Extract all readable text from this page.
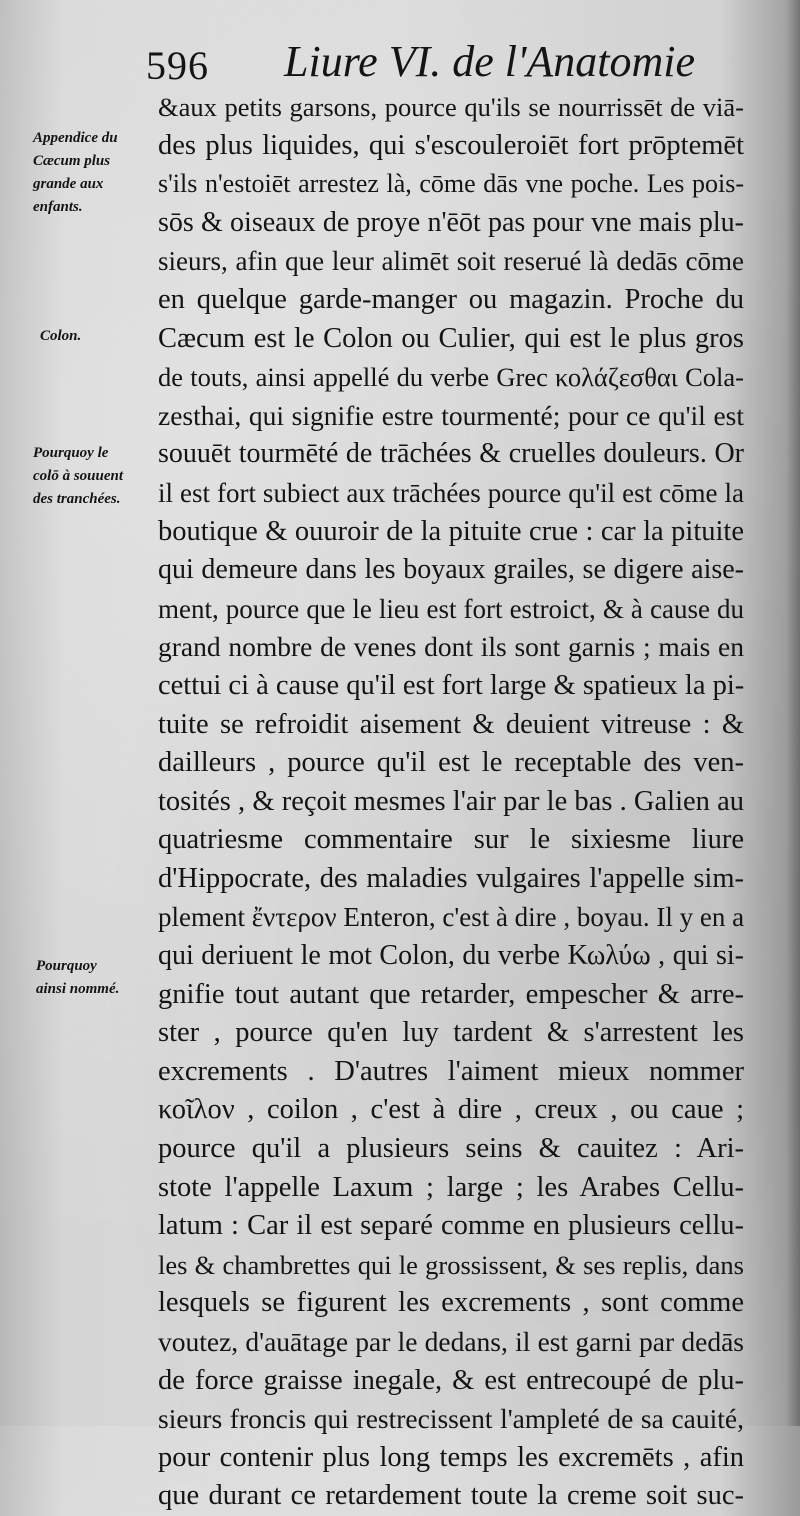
596 Liure VI. de l'Anatomie
Appendice du
Cæcum plus
grande aux
enfants.
Colon.
Pourquoy le
colō à souuent
des tranchées.
Pourquoy
ainsi nommé.
&aux petits garsons, pource qu'ils se nourrissēt de viā-
des plus liquides, qui s'escouleroiēt fort prōptemēt
s'ils n'estoiēt arrestez là, cōme dās vne poche. Les pois-
sōs & oiseaux de proye n'ēōt pas pour vne mais plu-
sieurs, afin que leur alimēt soit reserué là dedās cōme
en quelque garde-manger ou magazin. Proche du
Cæcum est le Colon ou Culier, qui est le plus gros
de touts, ainsi appellé du verbe Grec κολάζεσθαι Cola-
zesthai, qui signifie estre tourmenté; pour ce qu'il est
souuēt tourmēté de trāchées & cruelles douleurs. Or
il est fort subiect aux trāchées pource qu'il est cōme la
boutique & ouuroir de la pituite crue : car la pituite
qui demeure dans les boyaux grailes, se digere aise-
ment, pource que le lieu est fort estroict, & à cause du
grand nombre de venes dont ils sont garnis ; mais en
cettui ci à cause qu'il est fort large & spatieux la pi-
tuite se refroidit aisement & deuient vitreuse : &
dailleurs , pource qu'il est le receptable des ven-
tosités , & reçoit mesmes l'air par le bas . Galien au
quatriesme commentaire sur le sixiesme liure
d'Hippocrate, des maladies vulgaires l'appelle sim-
plement ἔντερον Enteron, c'est à dire , boyau. Il y en a
qui deriuent le mot Colon, du verbe Κωλύω , qui si-
gnifie tout autant que retarder, empescher & arre-
ster , pource qu'en luy tardent & s'arrestent les
excrements . D'autres l'aiment mieux nommer
κοῖλον , coilon , c'est à dire , creux , ou caue ;
pource qu'il a plusieurs seins & cauitez : Ari-
stote l'appelle Laxum ; large ; les Arabes Cellu-
latum : Car il est separé comme en plusieurs cellu-
les & chambrettes qui le grossissent, & ses replis, dans
lesquels se figurent les excrements , sont comme
voutez, d'auātage par le dedans, il est garni par dedās
de force graisse inegale, & est entrecoupé de plu-
sieurs froncis qui restrecissent l'ampleté de sa cauité,
pour contenir plus long temps les excremēts , afin
que durant ce retardement toute la creme soit suc-
